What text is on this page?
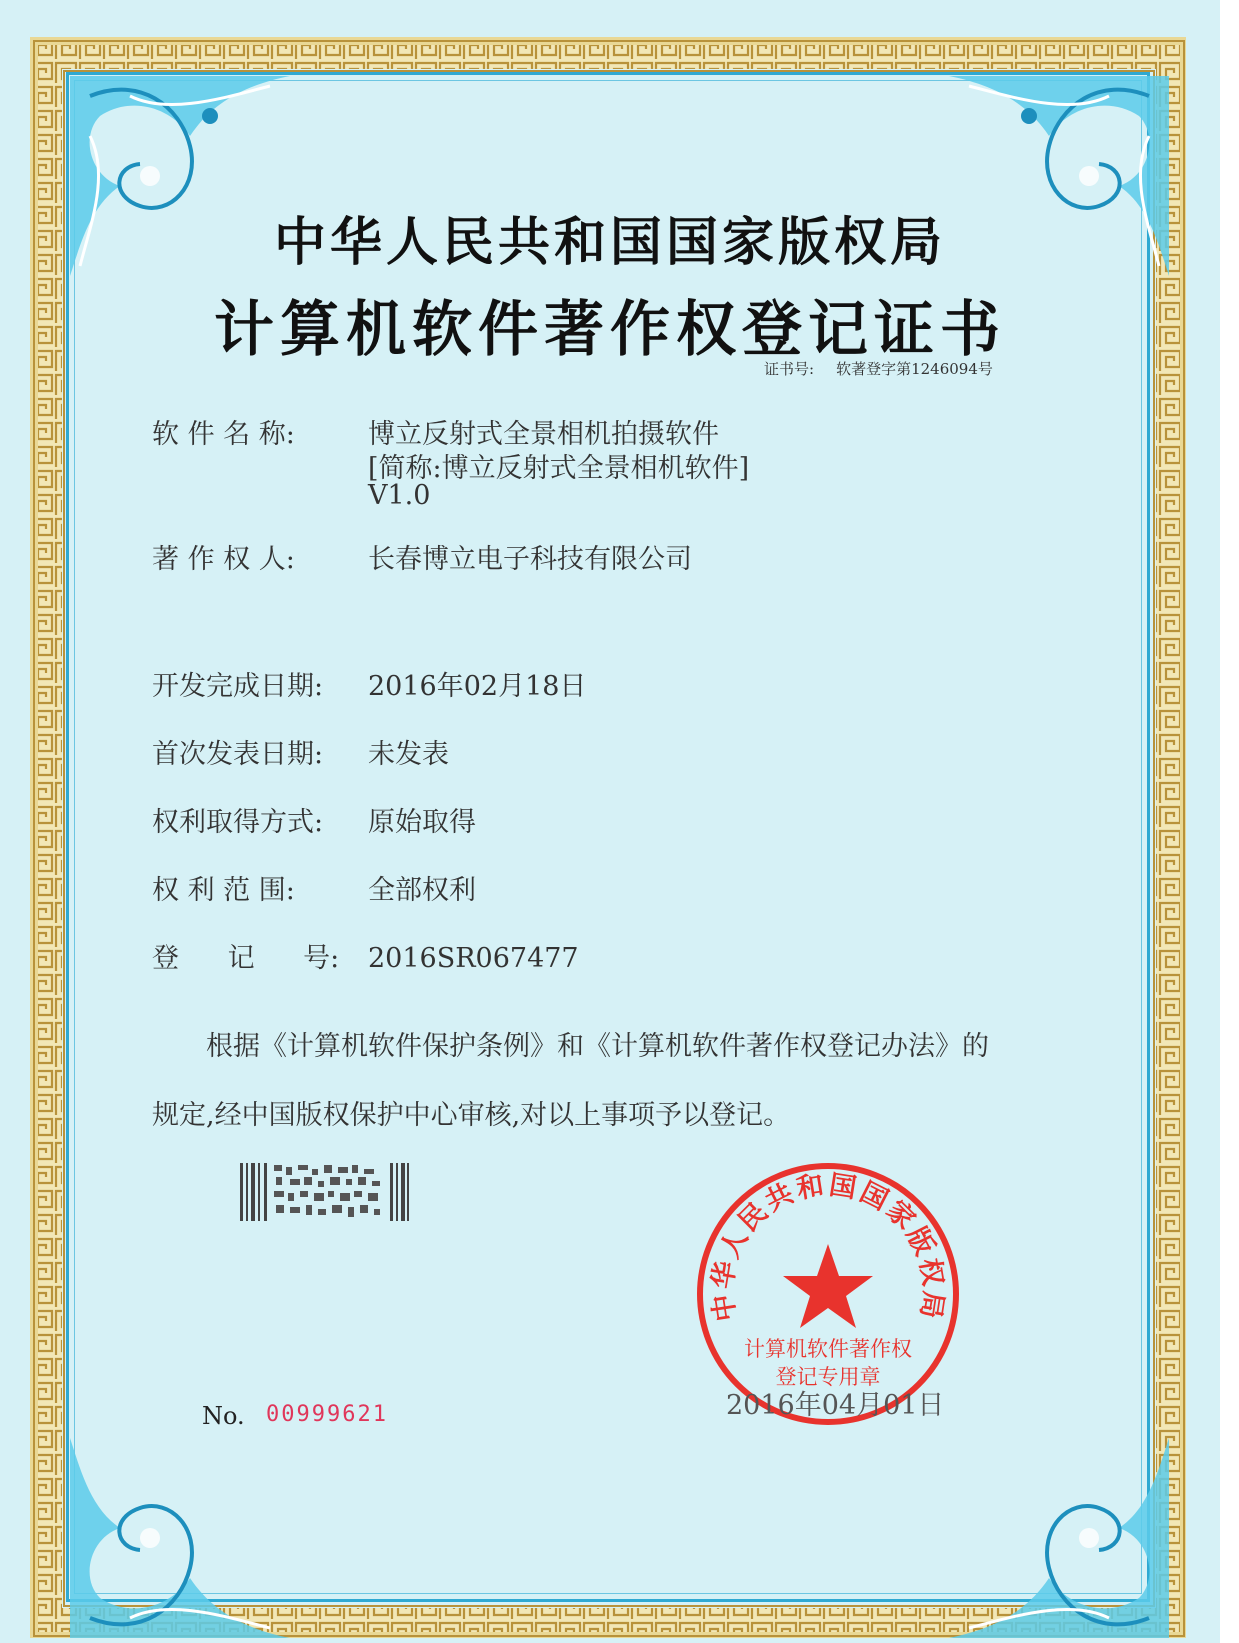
中华人民共和国国家版权局
计算机软件著作权登记证书
证书号: 软著登字第1246094号
软 件 名 称:	博立反射式全景相机拍摄软件
[简称:博立反射式全景相机软件]
V1.0
著 作 权 人:	长春博立电子科技有限公司
开发完成日期: 2016年02月18日
首次发表日期: 未发表
权利取得方式: 原始取得
权 利 范 围:	全部权利
登 记 号: 2016SR067477
根据《计算机软件保护条例》和《计算机软件著作权登记办法》的
规定,经中国版权保护中心审核,对以上事项予以登记。
中华人民共和国国家版权局
计算机软件著作权
登记专用章
2016年04月01日
No. 00999621
